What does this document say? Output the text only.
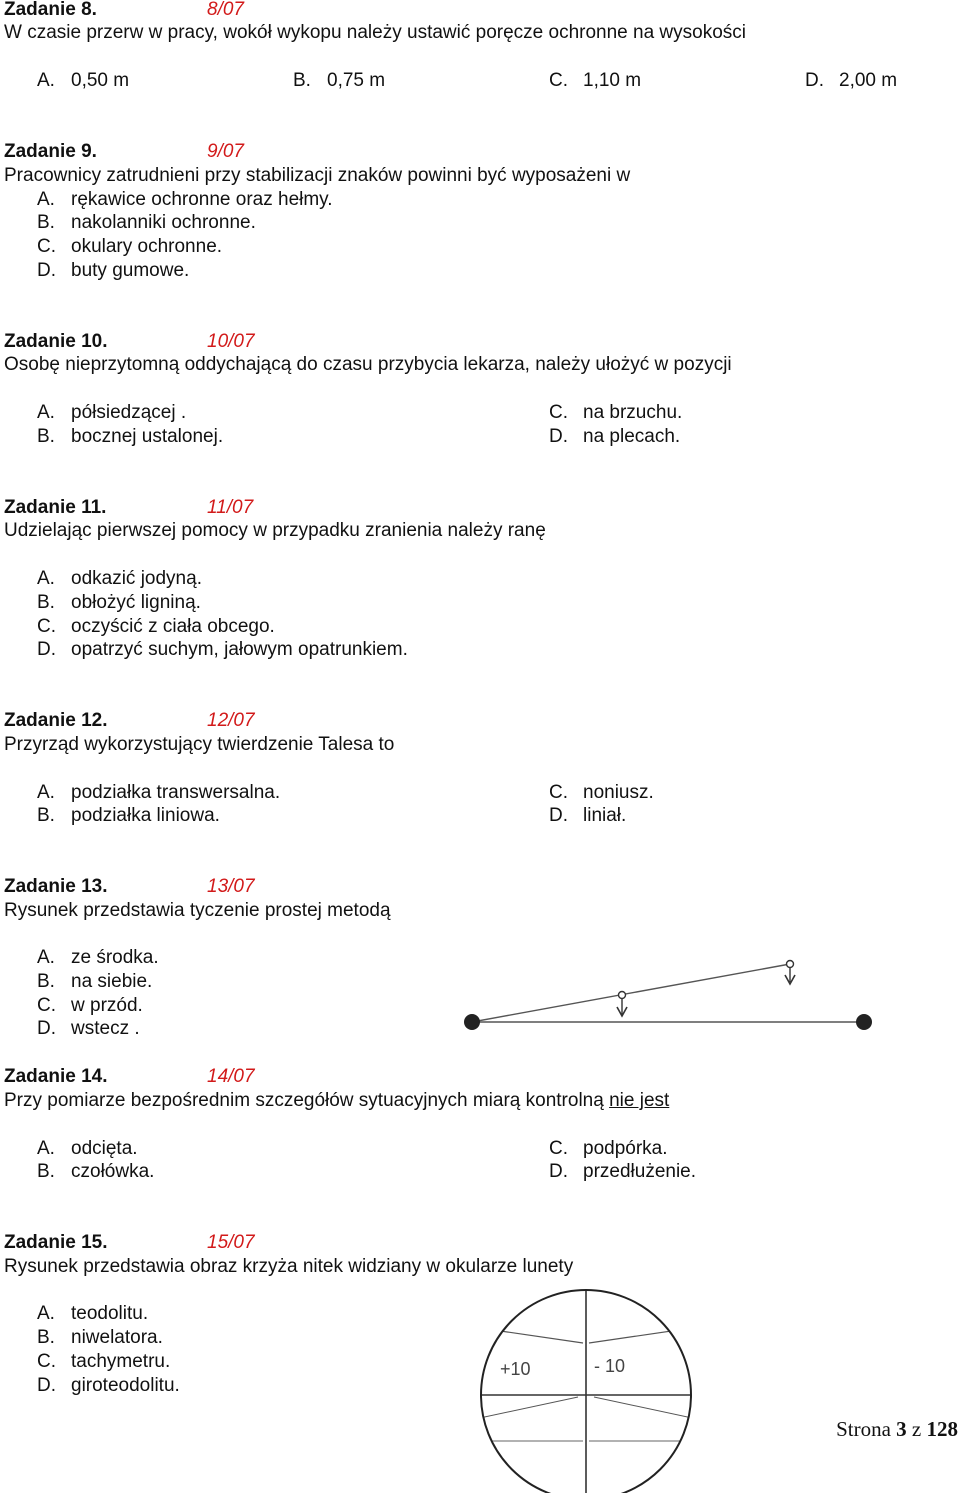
Zadanie 8.	8/07
W czasie przerw w pracy, wokół wykopu należy ustawić poręcze ochronne na wysokości
A. 0,50 m	B. 0,75 m	C. 1,10 m	D. 2,00 m
Zadanie 9.	9/07
Pracownicy zatrudnieni przy stabilizacji znaków powinni być wyposażeni w
A. rękawice ochronne oraz hełmy.
B. nakolanniki ochronne.
C. okulary ochronne.
D. buty gumowe.
Zadanie 10.	10/07
Osobę nieprzytomną oddychającą do czasu przybycia lekarza, należy ułożyć w pozycji
A. półsiedzącej .
B. bocznej ustalonej.
C. na brzuchu.
D. na plecach.
Zadanie 11.	11/07
Udzielając pierwszej pomocy w przypadku zranienia należy ranę
A. odkazić jodyną.
B. obłożyć ligniną.
C. oczyścić z ciała obcego.
D. opatrzyć suchym, jałowym opatrunkiem.
Zadanie 12.	12/07
Przyrząd wykorzystujący twierdzenie Talesa to
A. podziałka transwersalna.
B. podziałka liniowa.
C. noniusz.
D. liniał.
Zadanie 13.	13/07
Rysunek przedstawia tyczenie prostej metodą
A. ze środka.
B. na siebie.
C. w przód.
D. wstecz .
Zadanie 14.	14/07
Przy pomiarze bezpośrednim szczegółów sytuacyjnych miarą kontrolną nie jest
A. odcięta.
B. czołówka.
C. podpórka.
D. przedłużenie.
Zadanie 15.	15/07
Rysunek przedstawia obraz krzyża nitek widziany w okularze lunety
A. teodolitu.
B. niwelatora.
C. tachymetru.
D. giroteodolitu.
+10	- 10
Strona 3 z 128
